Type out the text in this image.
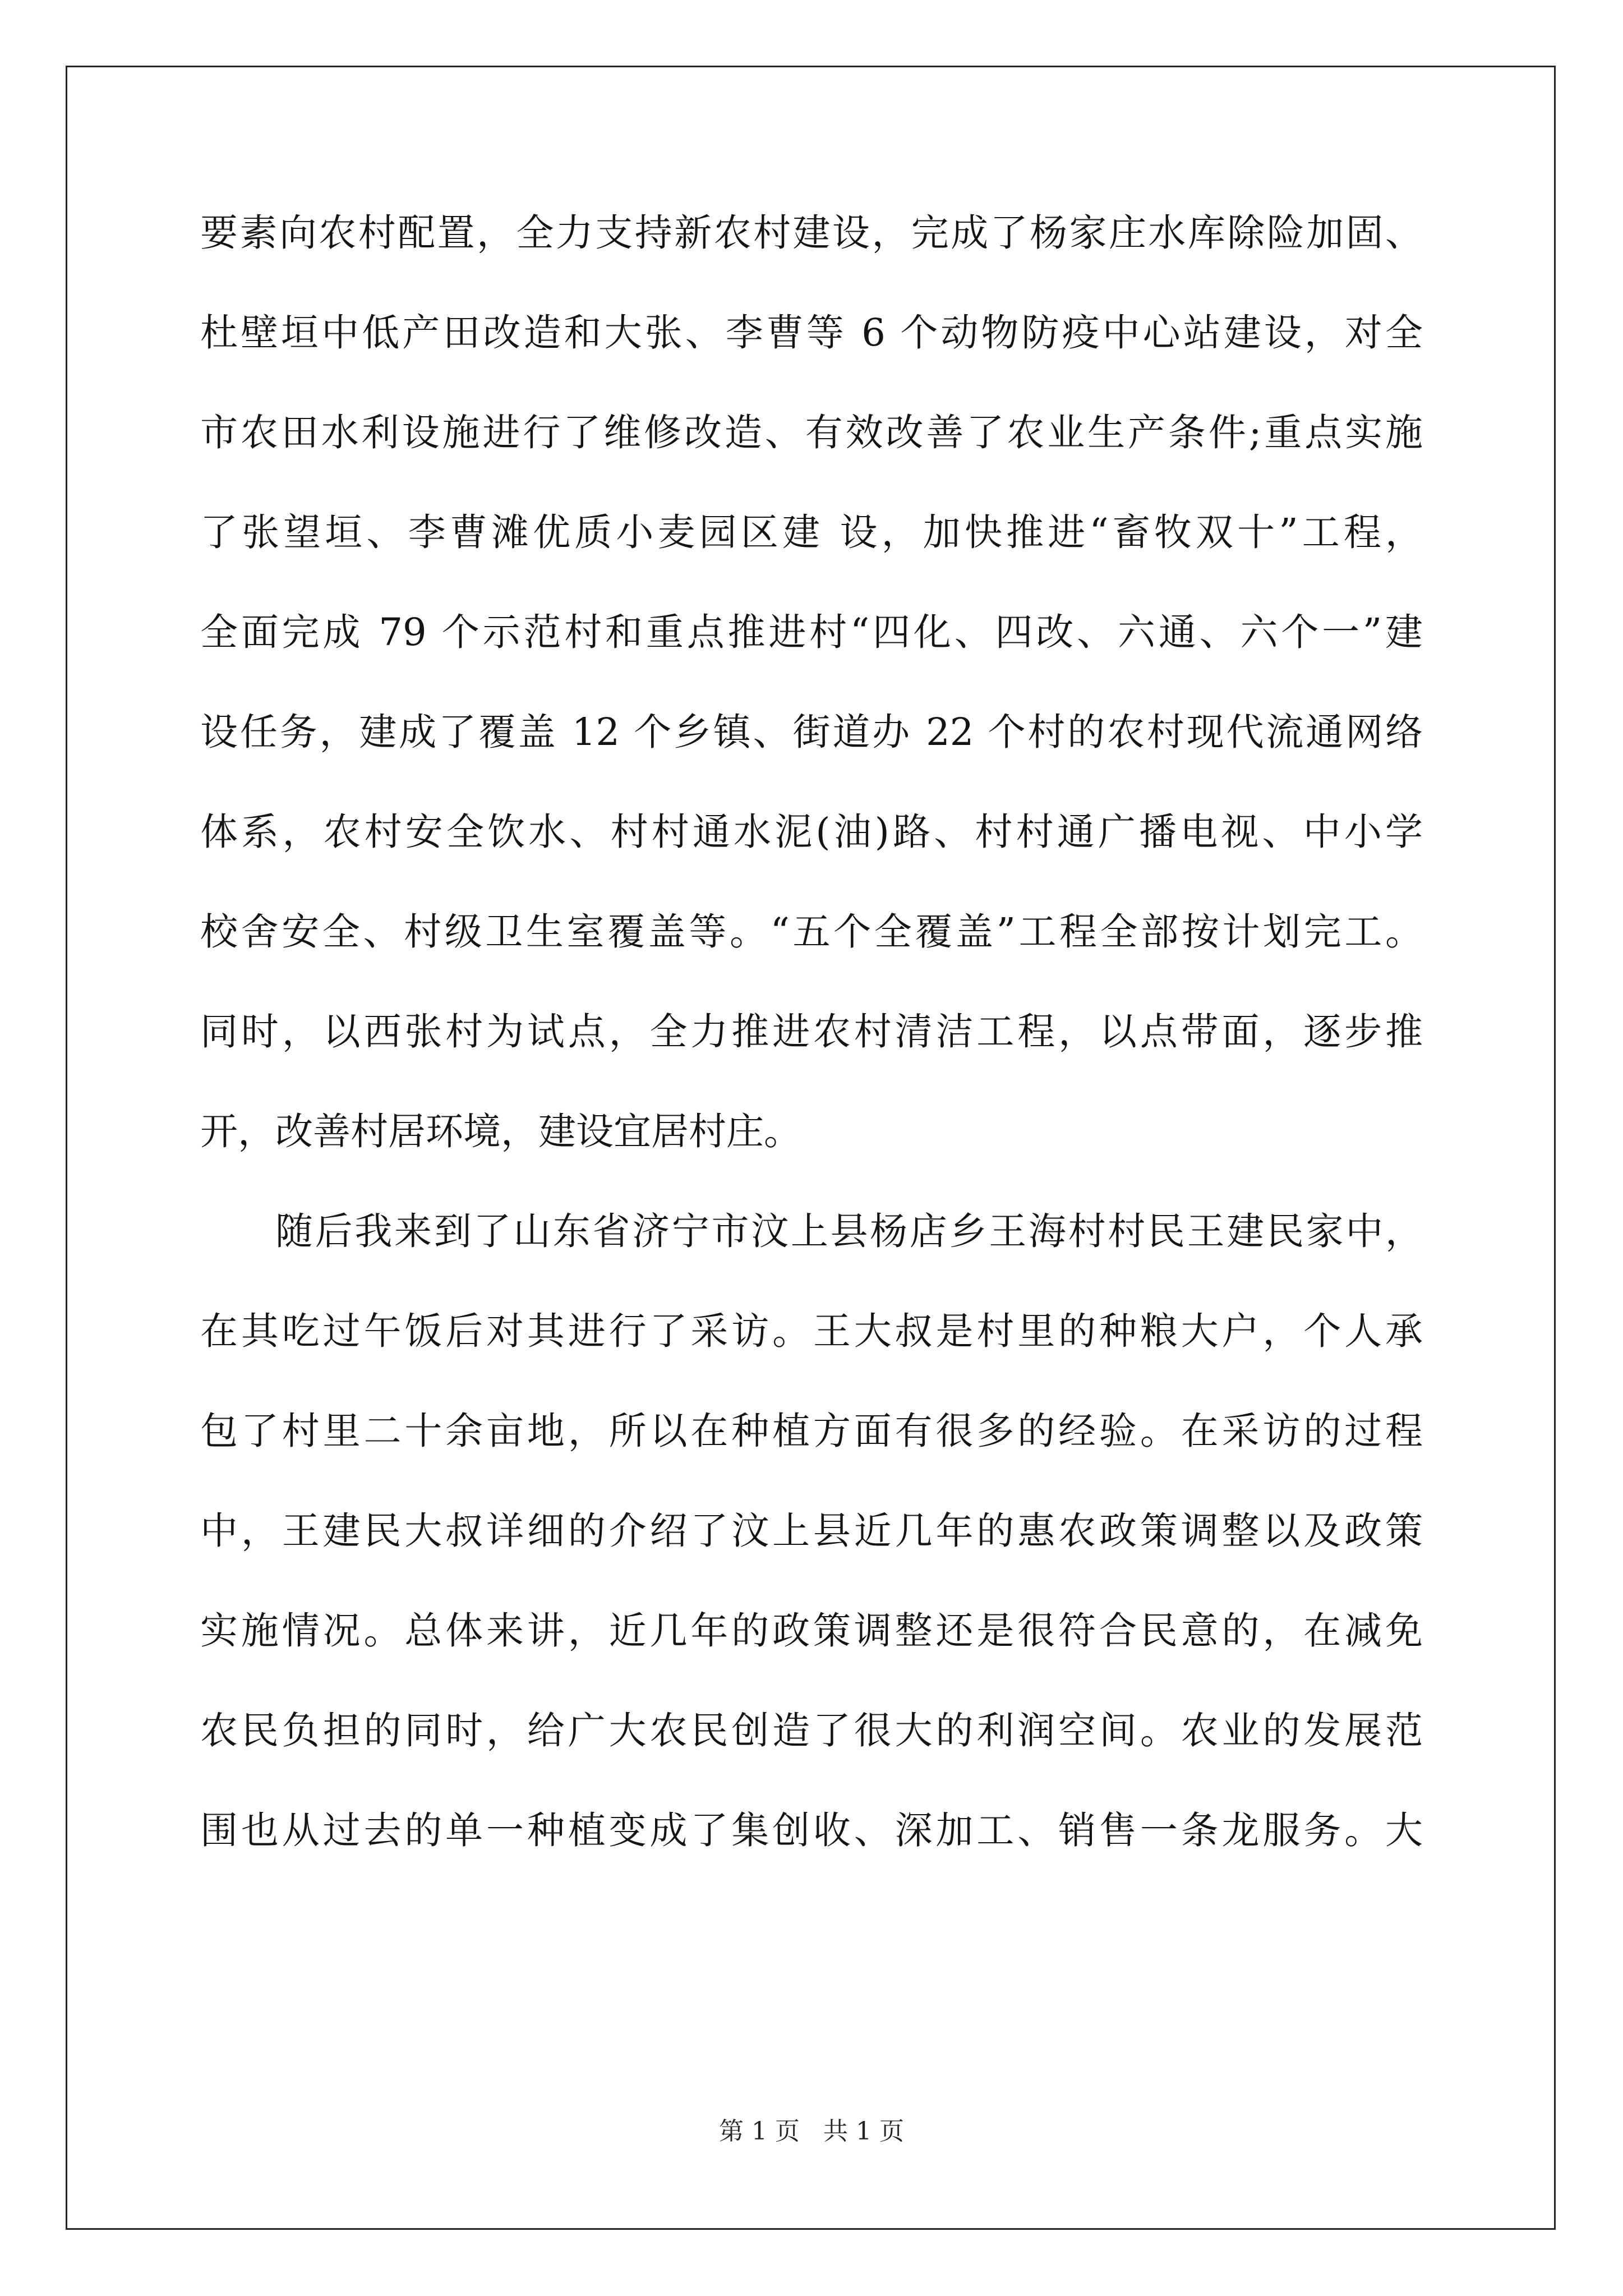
要素向农村配置，全力支持新农村建设，完成了杨家庄水库除险加固、
杜壁垣中低产田改造和大张、李曹等 6 个动物防疫中心站建设，对全
市农田水利设施进行了维修改造、有效改善了农业生产条件;重点实施
了张望垣、李曹滩优质小麦园区建 设，加快推进“畜牧双十”工程，
全面完成 79 个示范村和重点推进村“四化、四改、六通、六个一”建
设任务，建成了覆盖 12 个乡镇、街道办 22 个村的农村现代流通网络
体系，农村安全饮水、村村通水泥(油)路、村村通广播电视、中小学
校舍安全、村级卫生室覆盖等。“五个全覆盖”工程全部按计划完工。
同时，以西张村为试点，全力推进农村清洁工程，以点带面，逐步推
开，改善村居环境，建设宜居村庄。
随后我来到了山东省济宁市汶上县杨店乡王海村村民王建民家中，
在其吃过午饭后对其进行了采访。王大叔是村里的种粮大户，个人承
包了村里二十余亩地，所以在种植方面有很多的经验。在采访的过程
中，王建民大叔详细的介绍了汶上县近几年的惠农政策调整以及政策
实施情况。总体来讲，近几年的政策调整还是很符合民意的，在减免
农民负担的同时，给广大农民创造了很大的利润空间。农业的发展范
围也从过去的单一种植变成了集创收、深加工、销售一条龙服务。大
第 1 页   共 1 页
